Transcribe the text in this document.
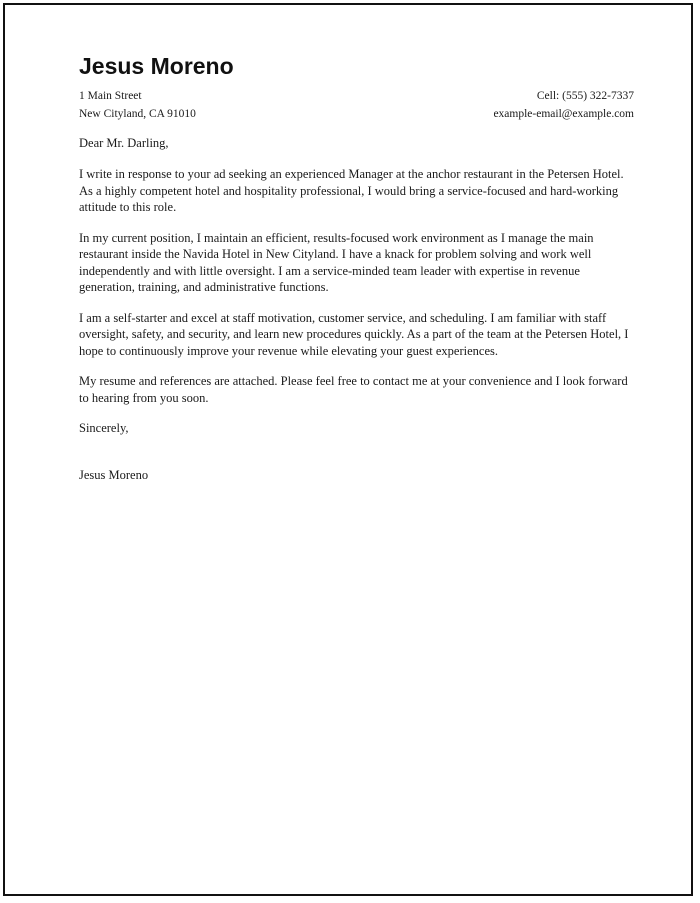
Jesus Moreno
1 Main Street
New Cityland, CA 91010
Cell: (555) 322-7337
example-email@example.com
Dear Mr. Darling,
I write in response to your ad seeking an experienced Manager at the anchor restaurant in the Petersen Hotel. As a highly competent hotel and hospitality professional, I would bring a service-focused and hard-working attitude to this role.
In my current position, I maintain an efficient, results-focused work environment as I manage the main restaurant inside the Navida Hotel in New Cityland. I have a knack for problem solving and work well independently and with little oversight. I am a service-minded team leader with expertise in revenue generation, training, and administrative functions.
I am a self-starter and excel at staff motivation, customer service, and scheduling. I am familiar with staff oversight, safety, and security, and learn new procedures quickly. As a part of the team at the Petersen Hotel, I hope to continuously improve your revenue while elevating your guest experiences.
My resume and references are attached. Please feel free to contact me at your convenience and I look forward to hearing from you soon.
Sincerely,
Jesus Moreno
